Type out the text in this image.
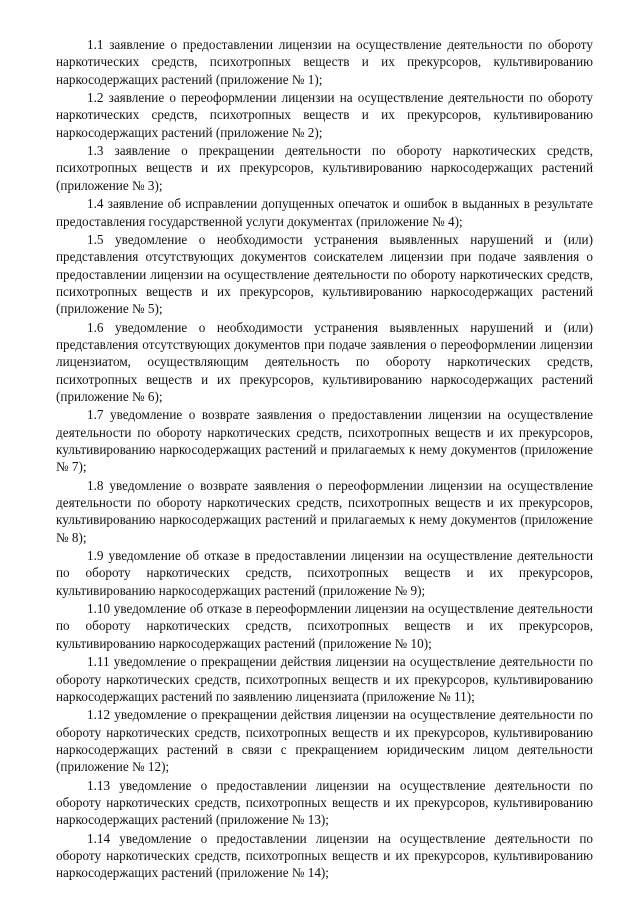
1.1 заявление о предоставлении лицензии на осуществление деятельности по обороту наркотических средств, психотропных веществ и их прекурсоров, культивированию наркосодержащих растений (приложение № 1);

1.2 заявление о переоформлении лицензии на осуществление деятельности по обороту наркотических средств, психотропных веществ и их прекурсоров, культивированию наркосодержащих растений (приложение № 2);

1.3 заявление о прекращении деятельности по обороту наркотических средств, психотропных веществ и их прекурсоров, культивированию наркосодержащих растений (приложение № 3);

1.4 заявление об исправлении допущенных опечаток и ошибок в выданных в результате предоставления государственной услуги документах (приложение № 4);

1.5 уведомление о необходимости устранения выявленных нарушений и (или) представления отсутствующих документов соискателем лицензии при подаче заявления о предоставлении лицензии на осуществление деятельности по обороту наркотических средств, психотропных веществ и их прекурсоров, культивированию наркосодержащих растений (приложение № 5);

1.6 уведомление о необходимости устранения выявленных нарушений и (или) представления отсутствующих документов при подаче заявления о переоформлении лицензии лицензиатом, осуществляющим деятельность по обороту наркотических средств, психотропных веществ и их прекурсоров, культивированию наркосодержащих растений (приложение № 6);

1.7 уведомление о возврате заявления о предоставлении лицензии на осуществление деятельности по обороту наркотических средств, психотропных веществ и их прекурсоров, культивированию наркосодержащих растений и прилагаемых к нему документов (приложение № 7);

1.8 уведомление о возврате заявления о переоформлении лицензии на осуществление деятельности по обороту наркотических средств, психотропных веществ и их прекурсоров, культивированию наркосодержащих растений и прилагаемых к нему документов (приложение № 8);

1.9 уведомление об отказе в предоставлении лицензии на осуществление деятельности по обороту наркотических средств, психотропных веществ и их прекурсоров, культивированию наркосодержащих растений (приложение № 9);

1.10 уведомление об отказе в переоформлении лицензии на осуществление деятельности по обороту наркотических средств, психотропных веществ и их прекурсоров, культивированию наркосодержащих растений (приложение № 10);

1.11 уведомление о прекращении действия лицензии на осуществление деятельности по обороту наркотических средств, психотропных веществ и их прекурсоров, культивированию наркосодержащих растений по заявлению лицензиата (приложение № 11);

1.12 уведомление о прекращении действия лицензии на осуществление деятельности по обороту наркотических средств, психотропных веществ и их прекурсоров, культивированию наркосодержащих растений в связи с прекращением юридическим лицом деятельности (приложение № 12);

1.13 уведомление о предоставлении лицензии на осуществление деятельности по обороту наркотических средств, психотропных веществ и их прекурсоров, культивированию наркосодержащих растений (приложение № 13);

1.14 уведомление о предоставлении лицензии на осуществление деятельности по обороту наркотических средств, психотропных веществ и их прекурсоров, культивированию наркосодержащих растений (приложение № 14);
